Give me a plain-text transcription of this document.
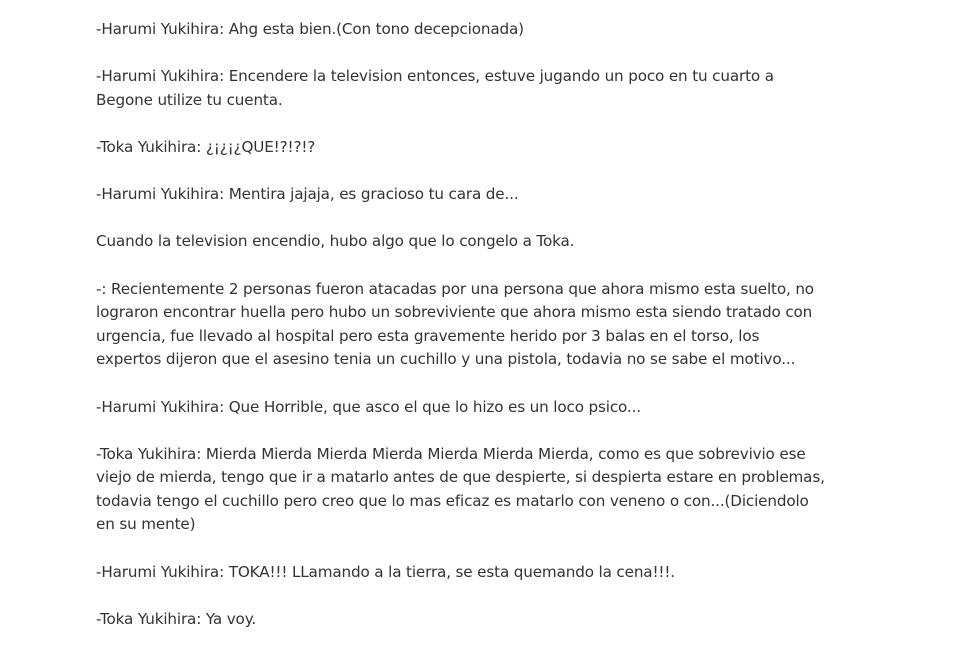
-Harumi Yukihira: Ahg esta bien.(Con tono decepcionada)

-Harumi Yukihira: Encendere la television entonces, estuve jugando un poco en tu cuarto a
Begone utilize tu cuenta.

-Toka Yukihira: ¿¡¿¡¿QUE!?!?!?

-Harumi Yukihira: Mentira jajaja, es gracioso tu cara de...

Cuando la television encendio, hubo algo que lo congelo a Toka.

-: Recientemente 2 personas fueron atacadas por una persona que ahora mismo esta suelto, no
lograron encontrar huella pero hubo un sobreviviente que ahora mismo esta siendo tratado con
urgencia, fue llevado al hospital pero esta gravemente herido por 3 balas en el torso, los
expertos dijeron que el asesino tenia un cuchillo y una pistola, todavia no se sabe el motivo...

-Harumi Yukihira: Que Horrible, que asco el que lo hizo es un loco psico...

-Toka Yukihira: Mierda Mierda Mierda Mierda Mierda Mierda Mierda, como es que sobrevivio ese
viejo de mierda, tengo que ir a matarlo antes de que despierte, si despierta estare en problemas,
todavia tengo el cuchillo pero creo que lo mas eficaz es matarlo con veneno o con...(Diciendolo
en su mente)

-Harumi Yukihira: TOKA!!! LLamando a la tierra, se esta quemando la cena!!!.

-Toka Yukihira: Ya voy.
